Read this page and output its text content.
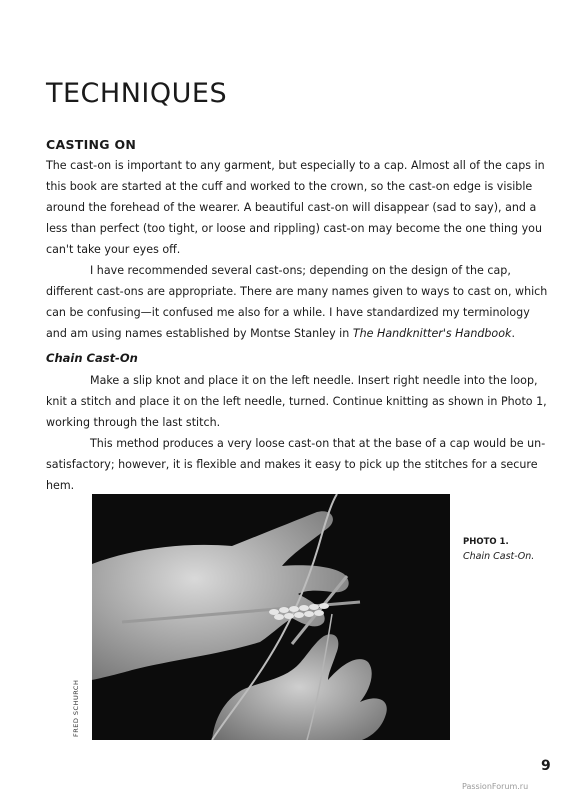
TECHNIQUES
CASTING ON

The cast-on is important to any garment, but especially to a cap. Almost all of the caps in this book are started at the cuff and worked to the crown, so the cast-on edge is visible around the forehead of the wearer. A beautiful cast-on will disappear (sad to say), and a less than perfect (too tight, or loose and rippling) cast-on may become the one thing you can't take your eyes off.

I have recommended several cast-ons; depending on the design of the cap, different cast-ons are appropriate. There are many names given to ways to cast on, which can be confusing—it confused me also for a while. I have standardized my terminology and am using names established by Montse Stanley in The Handknitter's Handbook.

Chain Cast-On

Make a slip knot and place it on the left needle. Insert right needle into the loop, knit a stitch and place it on the left needle, turned. Continue knitting as shown in Photo 1, working through the last stitch.

This method produces a very loose cast-on that at the base of a cap would be un-satisfactory; however, it is flexible and makes it easy to pick up the stitches for a secure hem.

FRED SCHURCH

PHOTO 1.

Chain Cast-On.

9

PassionForum.ru
